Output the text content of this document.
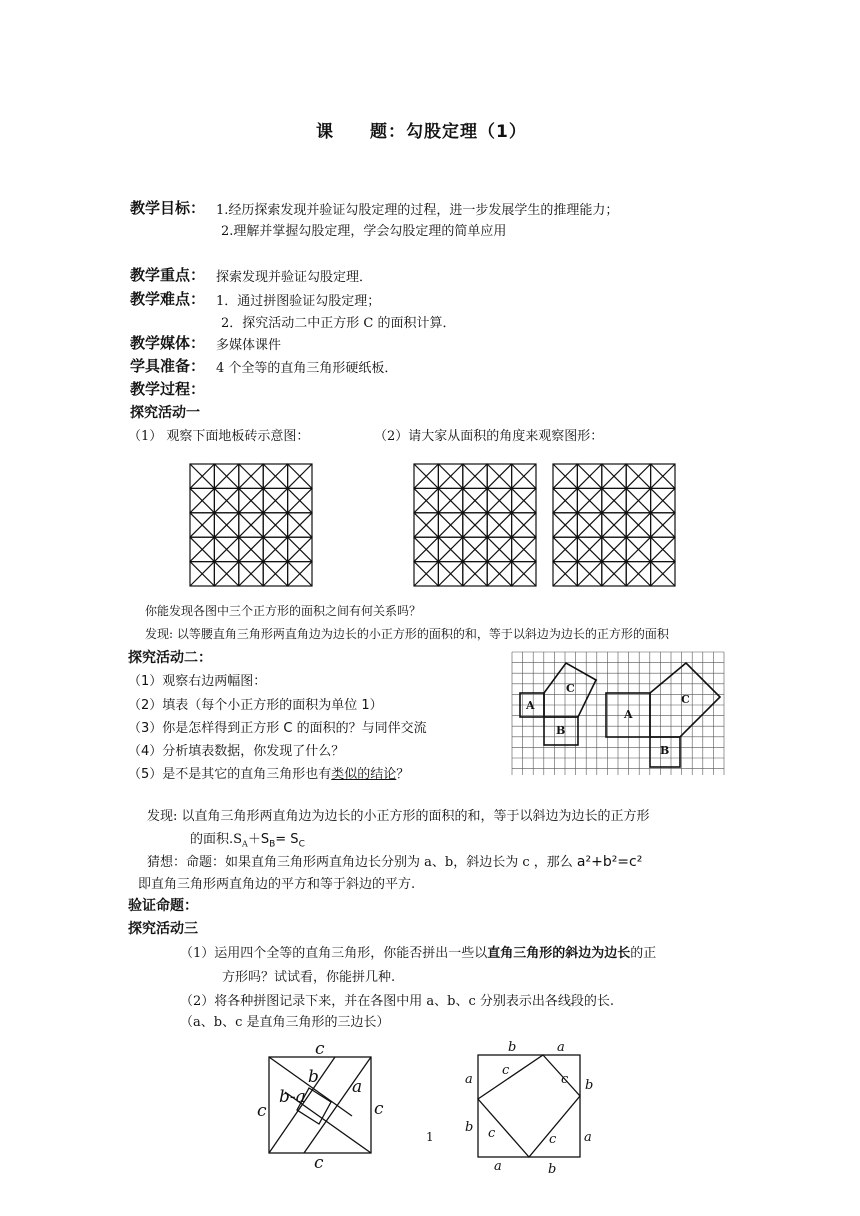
课　　题：勾股定理（1）
教学目标： 1.经历探索发现并验证勾股定理的过程，进一步发展学生的推理能力；
2.理解并掌握勾股定理，学会勾股定理的简单应用
教学重点： 探索发现并验证勾股定理．
教学难点： 1．通过拼图验证勾股定理；
2．探究活动二中正方形 C 的面积计算．
教学媒体： 多媒体课件
学具准备： 4 个全等的直角三角形硬纸板．
教学过程：
探究活动一
（1） 观察下面地板砖示意图：	（2）请大家从面积的角度来观察图形：
你能发现各图中三个正方形的面积之间有何关系吗？
发现: 以等腰直角三角形两直角边为边长的小正方形的面积的和，等于以斜边为边长的正方形的面积
探究活动二：
（1）观察右边两幅图：
（2）填表（每个小正方形的面积为单位 1）
（3）你是怎样得到正方形 C 的面积的？与同伴交流
（4）分析填表数据，你发现了什么？
（5）是不是其它的直角三角形也有类似的结论？
A
B
C
A
B
C
发现: 以直角三角形两直角边为边长的小正方形的面积的和，等于以斜边为边长的正方形
的面积$.S_A+S_B= S_C$
猜想：命题：如果直角三角形两直角边长分别为 a、b，斜边长为 c ，那么 a²+b²=c²
即直角三角形两直角边的平方和等于斜边的平方.
验证命题：
探究活动三
（1）运用四个全等的直角三角形，你能否拼出一些以直角三角形的斜边为边长的正
方形吗？试试看，你能拼几种.
（2）将各种拼图记录下来，并在各图中用 a、b、c 分别表示出各线段的长.
（a、b、c 是直角三角形的三边长）
c
b a
b-a
c	c
c
1
b	a
a
c
c b
b c	c a
a	b
